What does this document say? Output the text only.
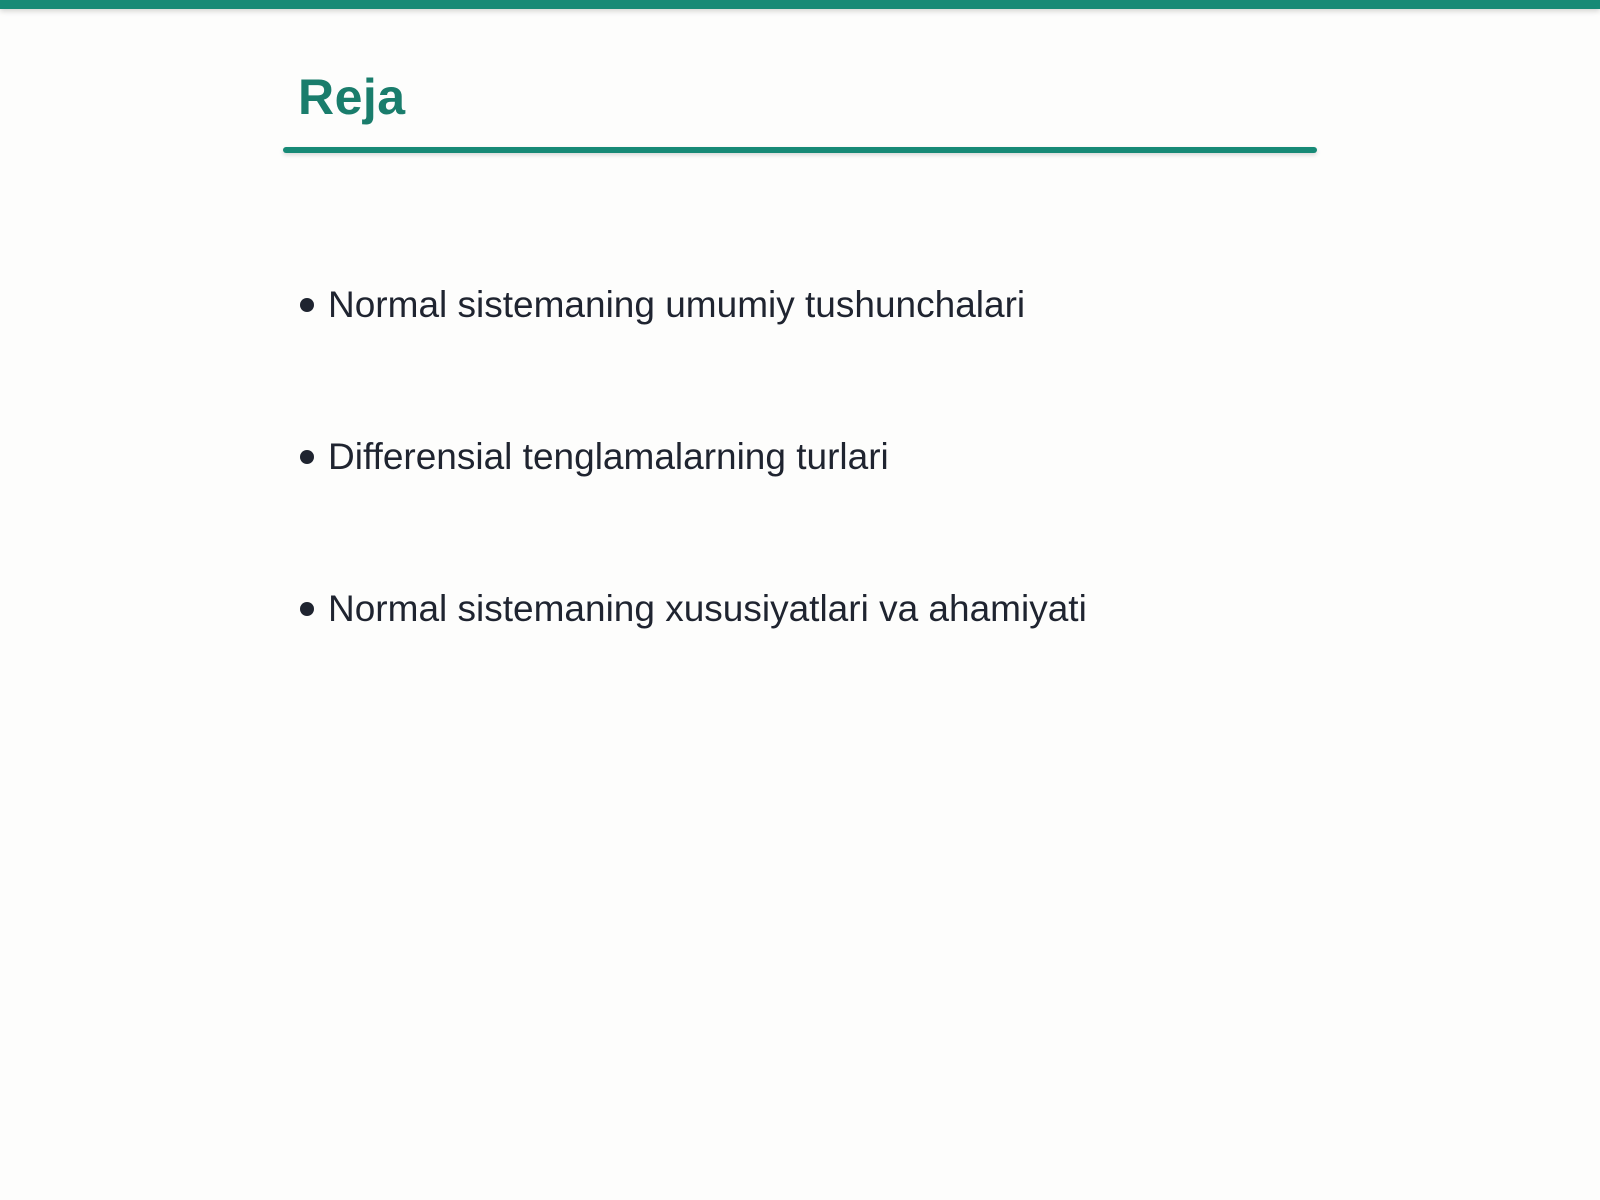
Reja
Normal sistemaning umumiy tushunchalari
Differensial tenglamalarning turlari
Normal sistemaning xususiyatlari va ahamiyati
